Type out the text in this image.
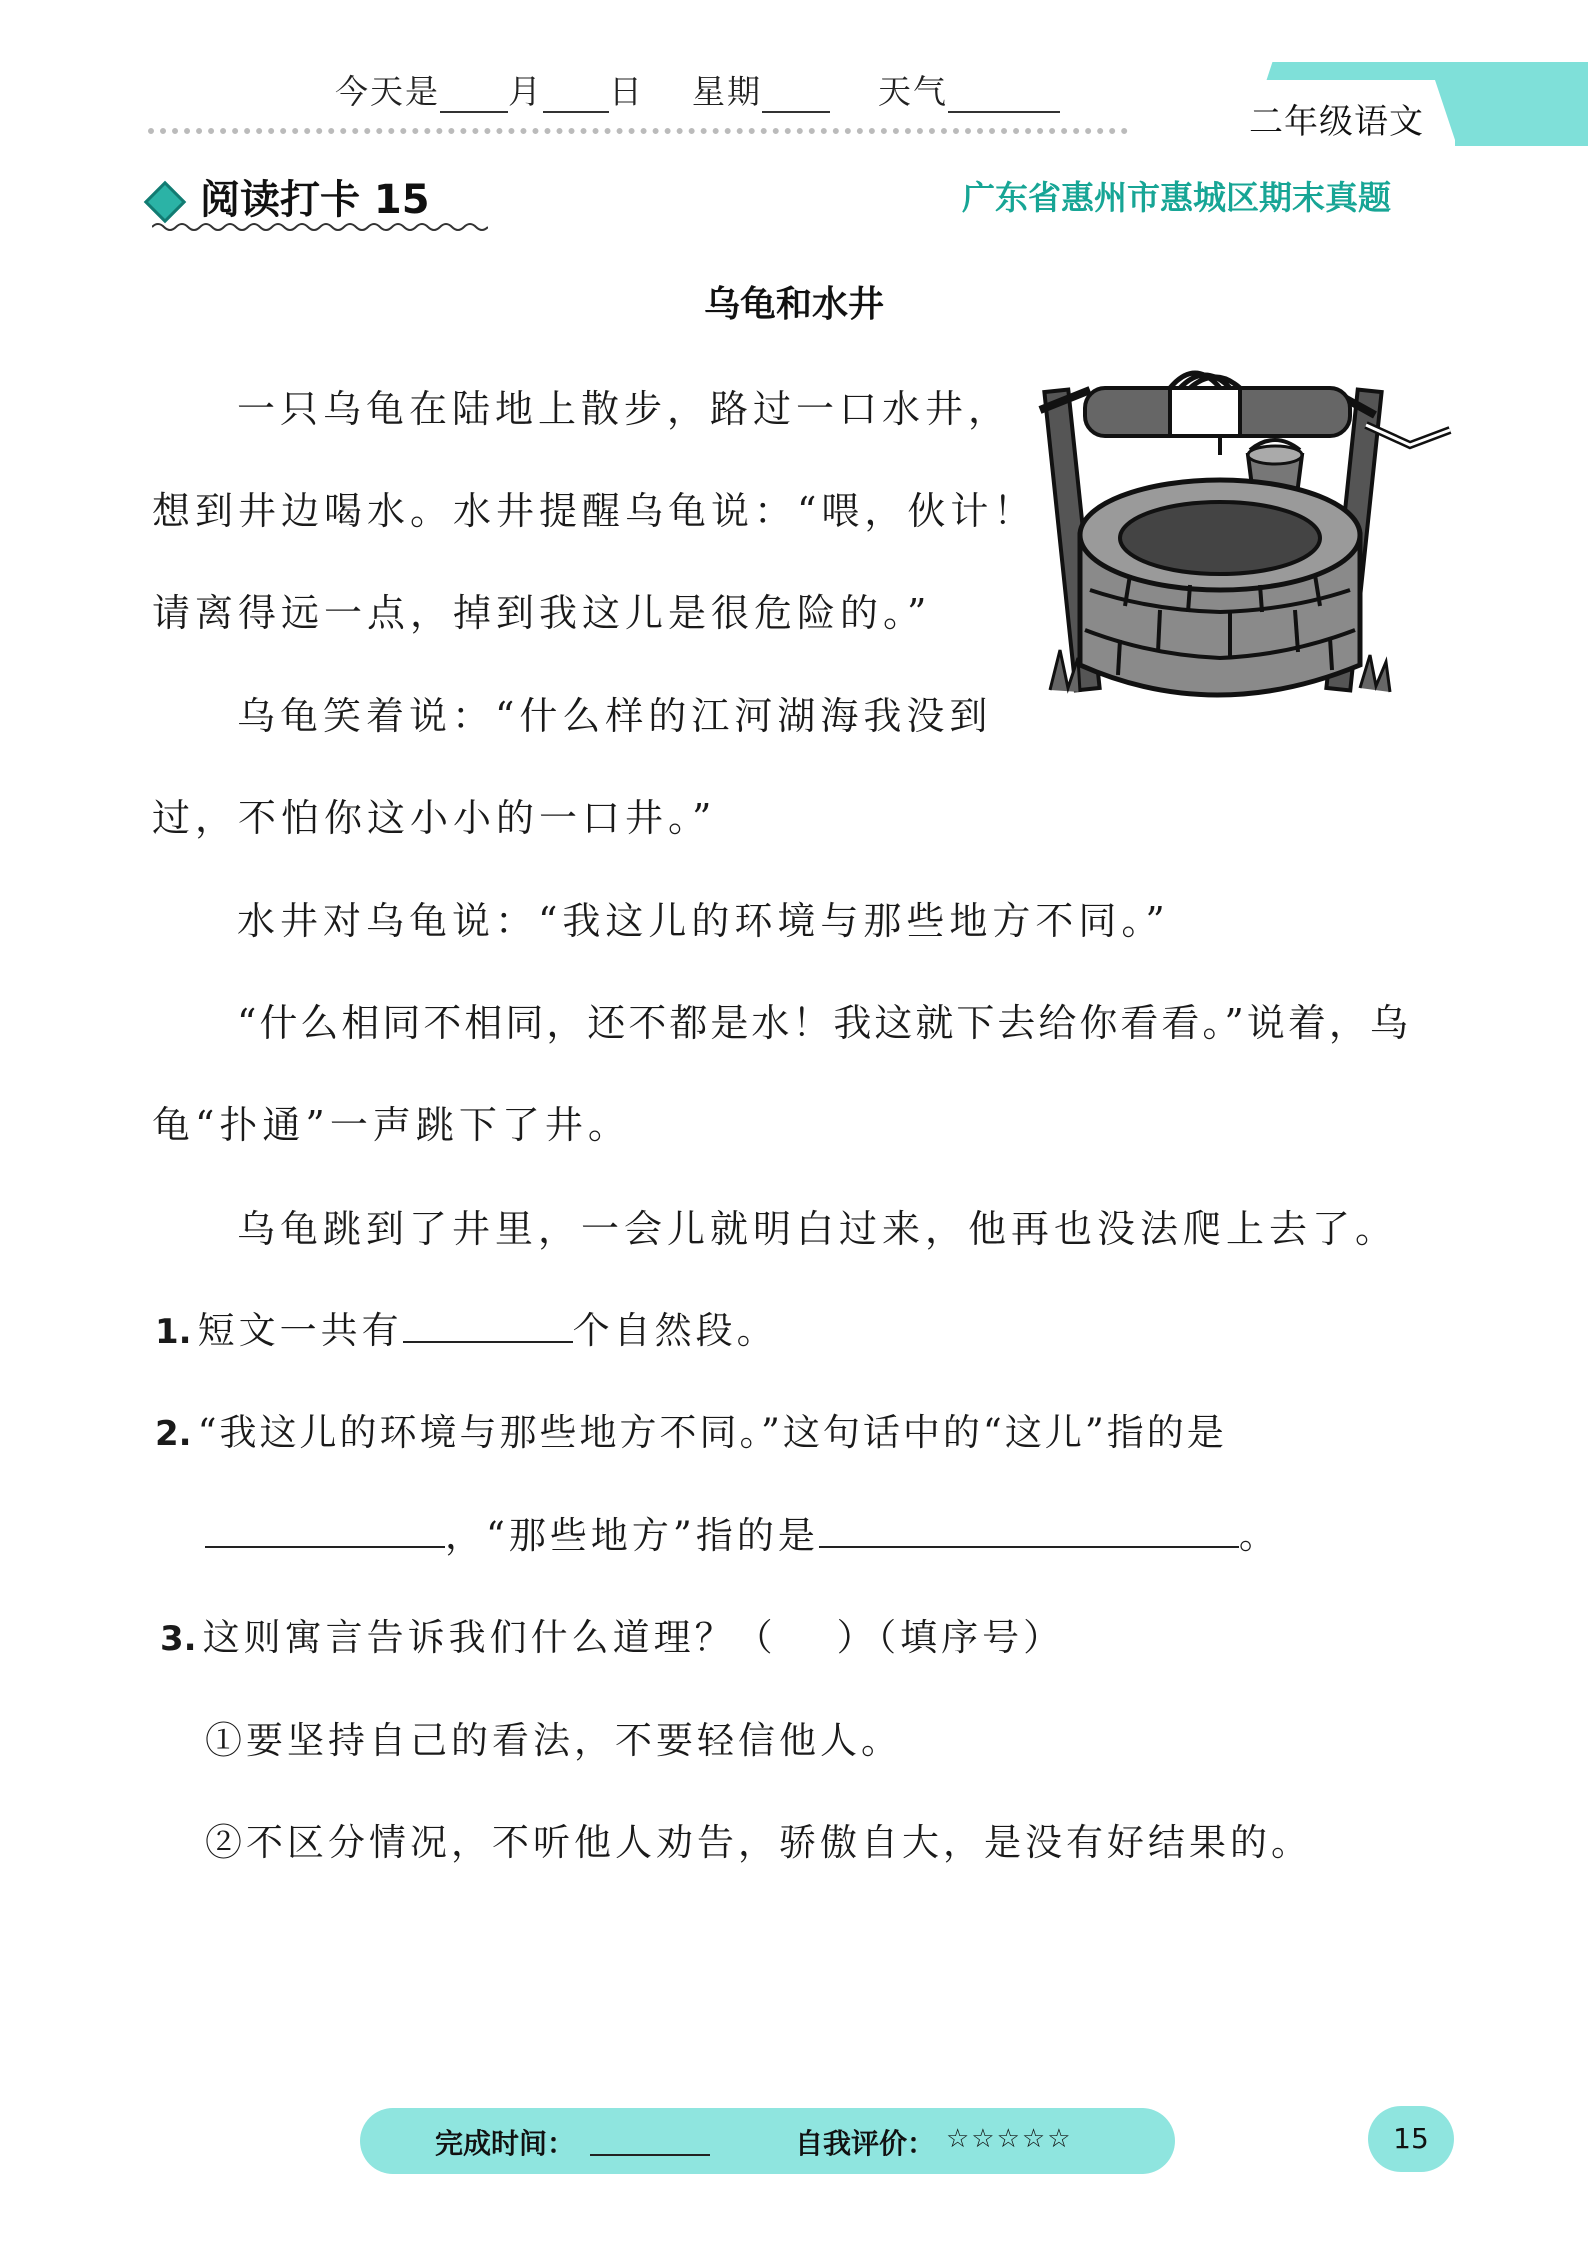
今天是 月 日 星期	天气
二年级语文
阅读打卡 15	广东省惠州市惠城区期末真题
乌龟和水井
一只乌龟在陆地上散步，路过一口水井，
想到井边喝水。水井提醒乌龟说：“喂，伙计！
请离得远一点，掉到我这儿是很危险的。”
乌龟笑着说：“什么样的江河湖海我没到
过，不怕你这小小的一口井。”
水井对乌龟说：“我这儿的环境与那些地方不同。”
“什么相同不相同，还不都是水！我这就下去给你看看。”说着，乌
龟“扑通”一声跳下了井。
乌龟跳到了井里，一会儿就明白过来，他再也没法爬上去了。
1. 短文一共有	个自然段。
2. “我这儿的环境与那些地方不同。”这句话中的“这儿”指的是
，“那些地方”指的是	。
3. 这则寓言告诉我们什么道理？（ ）（填序号）
①要坚持自己的看法，不要轻信他人。
②不区分情况，不听他人劝告，骄傲自大，是没有好结果的。
完成时间：	自我评价： ☆☆☆☆☆	15
